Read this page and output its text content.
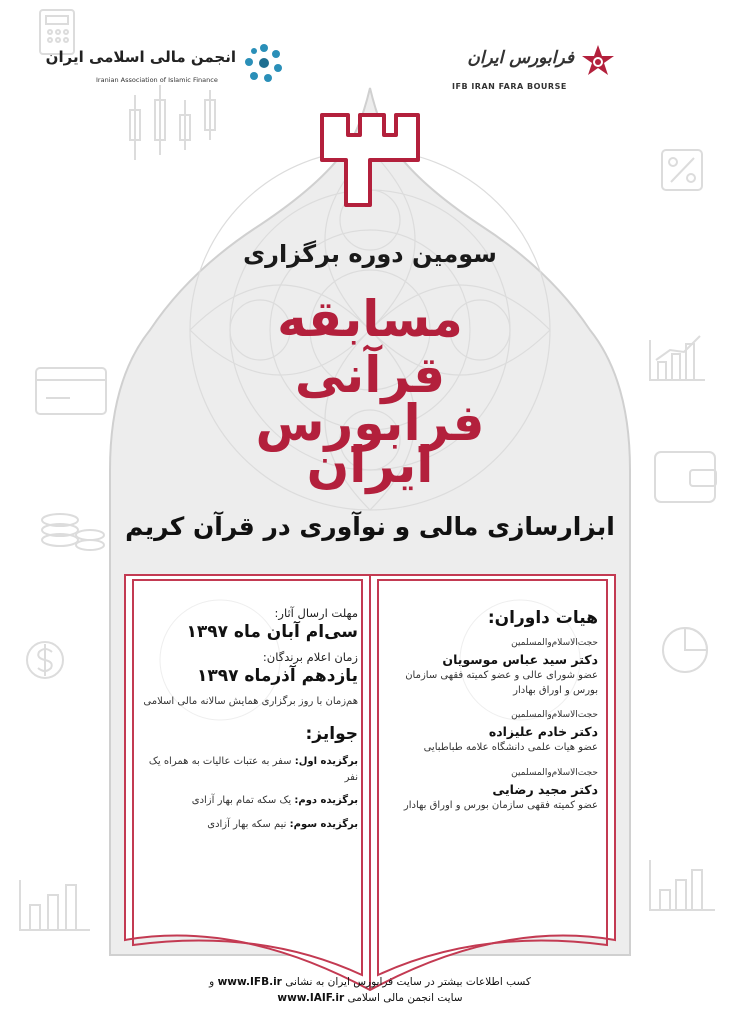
انجمن مالی اسلامی ایران
Iranian Association of Islamic Finance
فرابورس ایران
IFB IRAN FARA BOURSE
۳
سومین دوره برگزاری
مسابقه
قرآنی
فرابورس
ایران
ابزارسازی مالی و نوآوری در قرآن کریم
هیات داوران:
حجت‌الاسلام‌والمسلمین
دکتر سید عباس موسویان
عضو شورای عالی و عضو کمیته فقهی سازمان بورس و اوراق بهادار
حجت‌الاسلام‌والمسلمین
دکتر خادم علیزاده
عضو هیات علمی دانشگاه علامه طباطبایی
حجت‌الاسلام‌والمسلمین
دکتر مجید رضایی
عضو کمیته فقهی سازمان بورس و اوراق بهادار
مهلت ارسال آثار:
سی‌ام آبان ماه ۱۳۹۷
زمان اعلام برندگان:
یازدهم آذرماه ۱۳۹۷
هم‌زمان با روز برگزاری همایش سالانه مالی اسلامی
جوایز:
برگزیده اول: سفر به عتبات عالیات به همراه یک نفر
برگزیده دوم: یک سکه تمام بهار آزادی
برگزیده سوم: نیم سکه بهار آزادی
کسب اطلاعات بیشتر در سایت فرابورس ایران به نشانی www.IFB.ir و
سایت انجمن مالی اسلامی www.IAIF.ir
